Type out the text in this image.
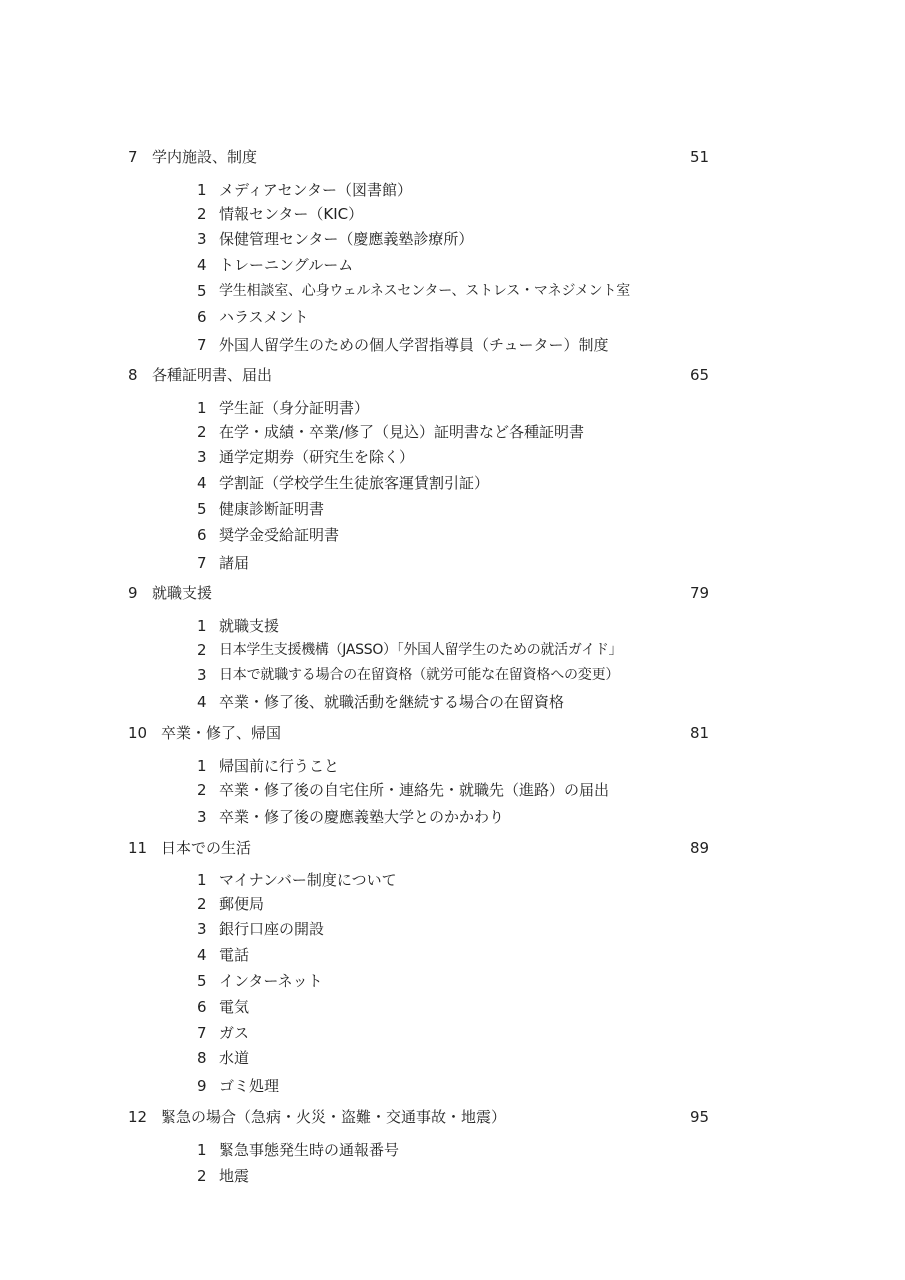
7 学内施設、制度	51
1 メディアセンター（図書館）
2 情報センター（KIC）
3 保健管理センター（慶應義塾診療所）
4 トレーニングルーム
5 学生相談室、心身ウェルネスセンター、ストレス・マネジメント室
6 ハラスメント
7 外国人留学生のための個人学習指導員（チューター）制度
8 各種証明書、届出	65
1 学生証（身分証明書）
2 在学・成績・卒業/修了（見込）証明書など各種証明書
3 通学定期券（研究生を除く）
4 学割証（学校学生生徒旅客運賃割引証）
5 健康診断証明書
6 奨学金受給証明書
7 諸届
9 就職支援	79
1 就職支援
2 日本学生支援機構（JASSO）「外国人留学生のための就活ガイド」
3 日本で就職する場合の在留資格（就労可能な在留資格への変更）
4 卒業・修了後、就職活動を継続する場合の在留資格
10 卒業・修了、帰国	81
1 帰国前に行うこと
2 卒業・修了後の自宅住所・連絡先・就職先（進路）の届出
3 卒業・修了後の慶應義塾大学とのかかわり
11 日本での生活	89
1 マイナンバー制度について
2 郵便局
3 銀行口座の開設
4 電話
5 インターネット
6 電気
7 ガス
8 水道
9 ゴミ処理
12 緊急の場合（急病・火災・盗難・交通事故・地震）	95
1 緊急事態発生時の通報番号
2 地震
